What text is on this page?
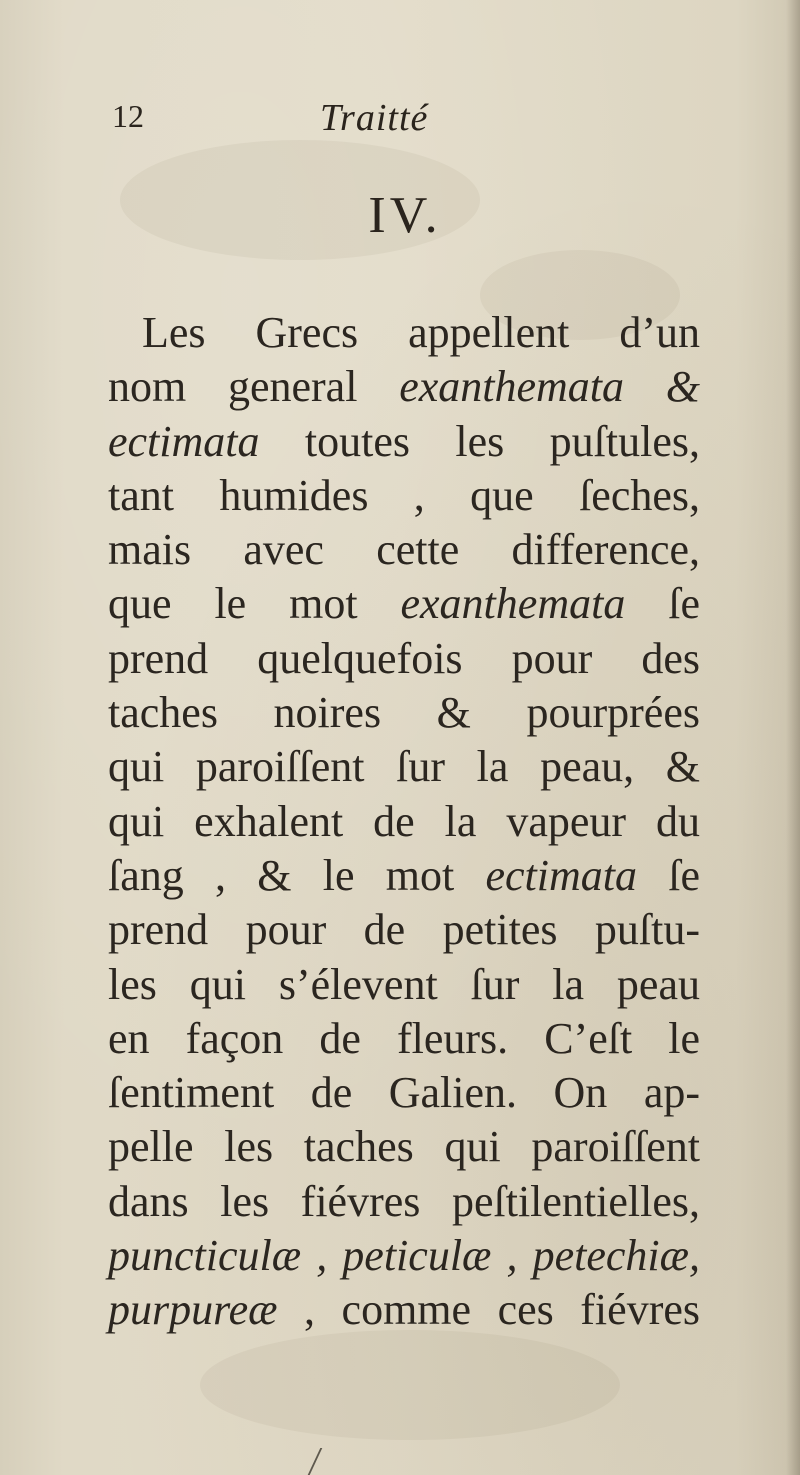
12	Traitté
IV.
Les Grecs appellent d’un
nom general exanthemata &
ectimata toutes les puſtules,
tant humides , que ſeches,
mais avec cette difference,
que le mot exanthemata ſe
prend quelquefois pour des
taches noires & pourprées
qui paroiſſent ſur la peau, &
qui exhalent de la vapeur du
ſang , & le mot ectimata ſe
prend pour de petites puſtu-
les qui s’élevent ſur la peau
en façon de fleurs. C’eſt le
ſentiment de Galien. On ap-
pelle les taches qui paroiſſent
dans les fiévres peſtilentielles,
puncticulæ , peticulæ , petechiæ,
purpureæ , comme ces fiévres
